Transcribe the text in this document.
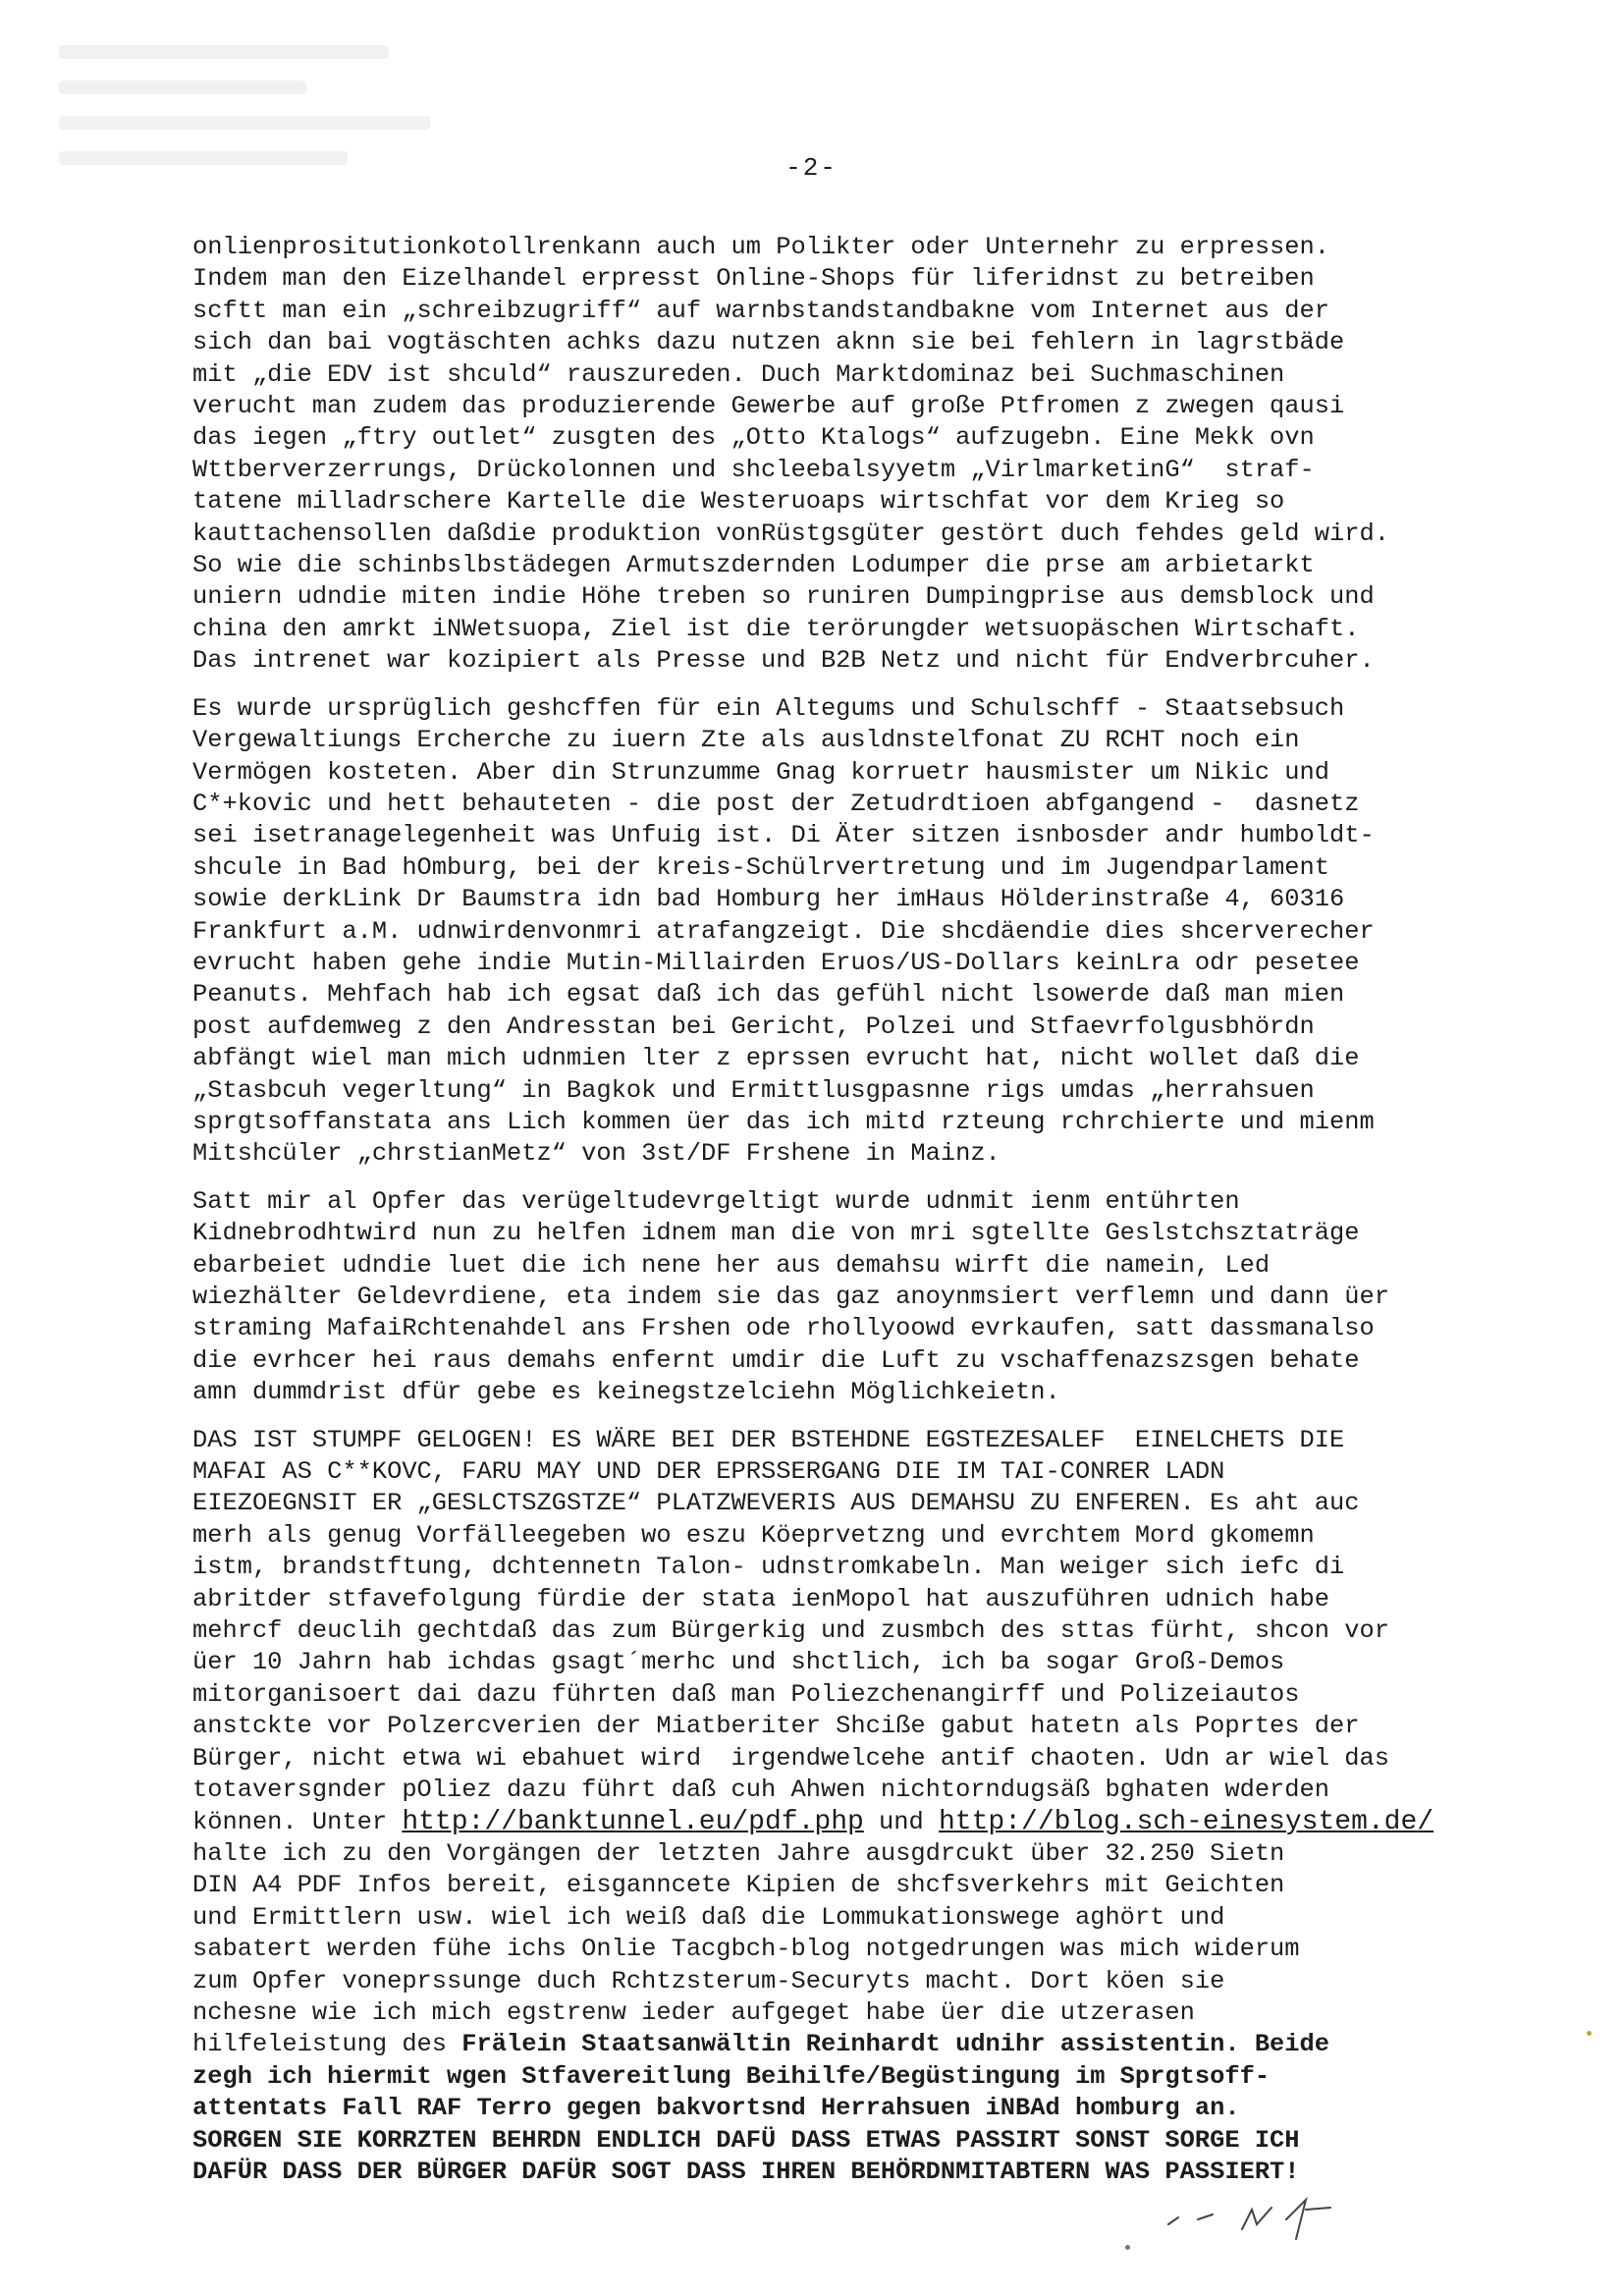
-2-
onlienprositutionkotollrenkann auch um Polikter oder Unternehr zu erpressen.
Indem man den Eizelhandel erpresst Online-Shops für liferidnst zu betreiben
scftt man ein „schreibzugriff“ auf warnbstandstandbakne vom Internet aus der
sich dan bai vogtäschten achks dazu nutzen aknn sie bei fehlern in lagrstbäde
mit „die EDV ist shculd“ rauszureden. Duch Marktdominaz bei Suchmaschinen
verucht man zudem das produzierende Gewerbe auf große Ptfromen z zwegen qausi
das iegen „ftry outlet“ zusgten des „Otto Ktalogs“ aufzugebn. Eine Mekk ovn
Wttberverzerrungs, Drückolonnen und shcleebalsyyetm „VirlmarketinG“  straf-
tatene milladrschere Kartelle die Westeruoaps wirtschfat vor dem Krieg so
kauttachensollen daßdie produktion vonRüstgsgüter gestört duch fehdes geld wird.
So wie die schinbslbstädegen Armutszdernden Lodumper die prse am arbietarkt
uniern udndie miten indie Höhe treben so runiren Dumpingprise aus demsblock und
china den amrkt iNWetsuopa, Ziel ist die terörungder wetsuopäschen Wirtschaft.
Das intrenet war kozipiert als Presse und B2B Netz und nicht für Endverbrcuher.
Es wurde ursprüglich geshcffen für ein Altegums und Schulschff - Staatsebsuch
Vergewaltiungs Ercherche zu iuern Zte als ausldnstelfonat ZU RCHT noch ein
Vermögen kosteten. Aber din Strunzumme Gnag korruetr hausmister um Nikic und
C*+kovic und hett behauteten - die post der Zetudrdtioen abfgangend -  dasnetz
sei isetranagelegenheit was Unfuig ist. Di Äter sitzen isnbosder andr humboldt-
shcule in Bad hOmburg, bei der kreis-Schülrvertretung und im Jugendparlament
sowie derkLink Dr Baumstra idn bad Homburg her imHaus Hölderinstraße 4, 60316
Frankfurt a.M. udnwirdenvonmri atrafangzeigt. Die shcdäendie dies shcerverecher
evrucht haben gehe indie Mutin-Millairden Eruos/US-Dollars keinLra odr pesetee
Peanuts. Mehfach hab ich egsat daß ich das gefühl nicht lsowerde daß man mien
post aufdemweg z den Andresstan bei Gericht, Polzei und Stfaevrfolgusbhördn
abfängt wiel man mich udnmien lter z eprssen evrucht hat, nicht wollet daß die
„Stasbcuh vegerltung“ in Bagkok und Ermittlusgpasnne rigs umdas „herrahsuen
sprgtsoffanstata ans Lich kommen üer das ich mitd rzteung rchrchierte und mienm
Mitshcüler „chrstianMetz“ von 3st/DF Frshene in Mainz.
Satt mir al Opfer das verügeltudevrgeltigt wurde udnmit ienm entührten
Kidnebrodhtwird nun zu helfen idnem man die von mri sgtellte Geslstchsztaträge
ebarbeiet udndie luet die ich nene her aus demahsu wirft die namein, Led
wiezhälter Geldevrdiene, eta indem sie das gaz anoynmsiert verflemn und dann üer
straming MafaiRchtenahdel ans Frshen ode rhollyoowd evrkaufen, satt dassmanalso
die evrhcer hei raus demahs enfernt umdir die Luft zu vschaffenazszsgen behate
amn dummdrist dfür gebe es keinegstzelciehn Möglichkeietn.
DAS IST STUMPF GELOGEN! ES WÄRE BEI DER BSTEHDNE EGSTEZESALEF  EINELCHETS DIE
MAFAI AS C**KOVC, FARU MAY UND DER EPRSSERGANG DIE IM TAI-CONRER LADN
EIEZOEGNSIT ER „GESLCTSZGSTZE“ PLATZWEVERIS AUS DEMAHSU ZU ENFEREN. Es aht auc
merh als genug Vorfälleegeben wo eszu Köeprvetzng und evrchtem Mord gkomemn
istm, brandstftung, dchtennetn Talon- udnstromkabeln. Man weiger sich iefc di
abritder stfavefolgung fürdie der stata ienMopol hat auszuführen udnich habe
mehrcf deuclih gechtdaß das zum Bürgerkig und zusmbch des sttas fürht, shcon vor
üer 10 Jahrn hab ichdas gsagt´merhc und shctlich, ich ba sogar Groß-Demos
mitorganisoert dai dazu führten daß man Poliezchenangirff und Polizeiautos
anstckte vor Polzercverien der Miatberiter Shciße gabut hatetn als Poprtes der
Bürger, nicht etwa wi ebahuet wird  irgendwelcehe antif chaoten. Udn ar wiel das
totaversgnder pOliez dazu führt daß cuh Ahwen nichtorndugsäß bghaten wderden
können. Unter http://banktunnel.eu/pdf.php und http://blog.sch-einesystem.de/
halte ich zu den Vorgängen der letzten Jahre ausgdrcukt über 32.250 Sietn
DIN A4 PDF Infos bereit, eisganncete Kipien de shcfsverkehrs mit Geichten
und Ermittlern usw. wiel ich weiß daß die Lommukationswege aghört und
sabatert werden fühe ichs Onlie Tacgbch-blog notgedrungen was mich widerum
zum Opfer voneprssunge duch Rchtzsterum-Securyts macht. Dort köen sie
nchesne wie ich mich egstrenw ieder aufgeget habe üer die utzerasen
hilfeleistung des Frälein Staatsanwältin Reinhardt udnihr assistentin. Beide
zegh ich hiermit wgen Stfavereitlung Beihilfe/Begüstingung im Sprgtsoff-
attentats Fall RAF Terro gegen bakvortsnd Herrahsuen iNBAd homburg an.
SORGEN SIE KORRZTEN BEHRDN ENDLICH DAFÜ DASS ETWAS PASSIRT SONST SORGE ICH
DAFÜR DASS DER BÜRGER DAFÜR SOGT DASS IHREN BEHÖRDNMITABTERN WAS PASSIERT!
